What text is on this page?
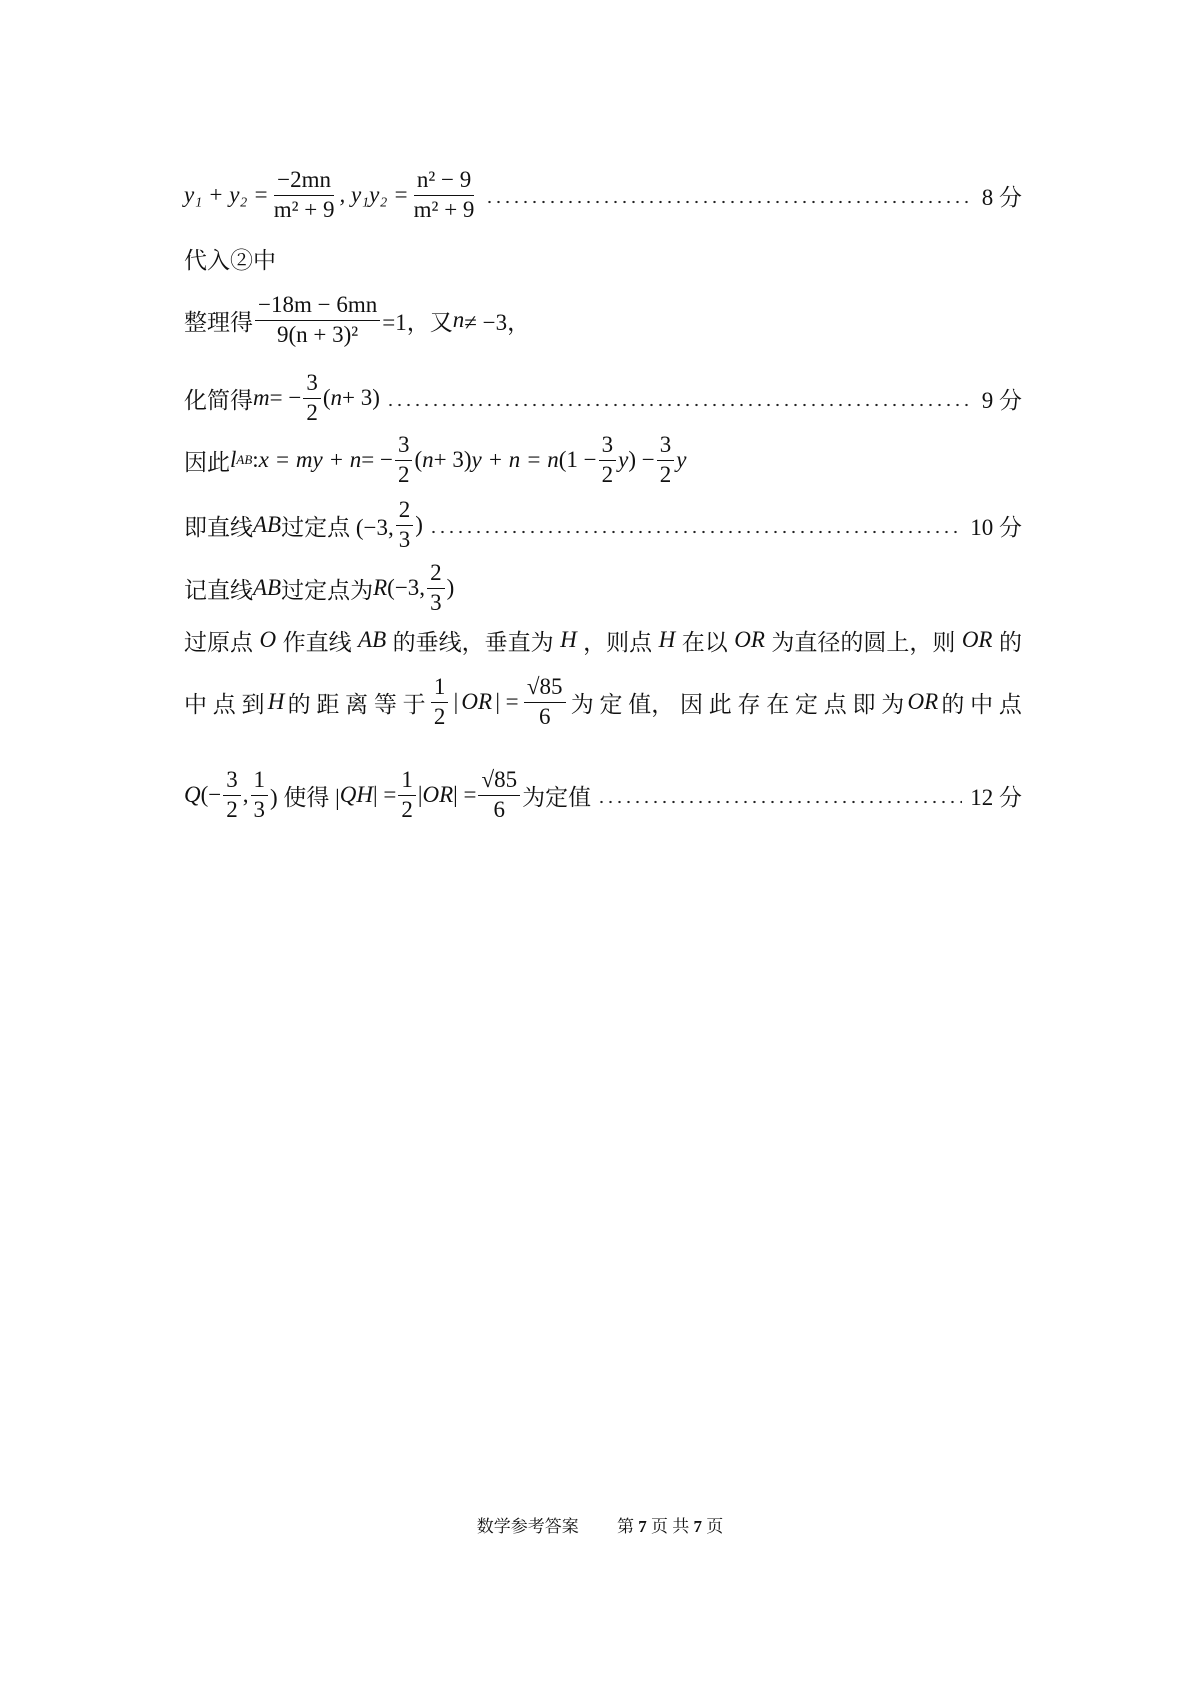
$y_1 + y_2 = \frac{-2mn}{\text{m² + 9}}$ , $y_1y_2 = \frac{\text{n² − 9}}{\text{m² + 9}}$	8 分
代入②中
整理得 $\frac{-18m - 6mn}{\text{9(n + 3)²}} =1$，又 n ≠ −3，
化简得 m = − $\frac{3}{2}$ ( n + 3)	9 分
因此 l AB : x = my + n = − $\frac{3}{2}$ ( n + 3) y + n = n ($1 - \frac{3}{2}$ y ) − $\frac{3}{2}$ y
即直线 AB 过定点 (−3, $\frac{2}{3}$ )	10 分
记直线 AB 过定点为 R (−3, $\frac{2}{3}$ )
过原点 O 作直线 AB 的垂线，垂直为 H ，则点 H 在以 OR 为直径的圆上，则 OR 的
中 点 到 H 的 距 离 等 于 $\frac{1}{2}$ | OR | = $\frac{√85}{6}$ 为 定 值， 因 此 存 在 定 点 即 为 OR 的 中 点
Q (− $\frac{3}{2}$ , $\frac{1}{3}$ ) 使得 | QH | = $\frac{1}{2}$ | OR | = $\frac{√85}{6}$ 为定值	12 分
数学参考答案   第 7 页 共 7 页
